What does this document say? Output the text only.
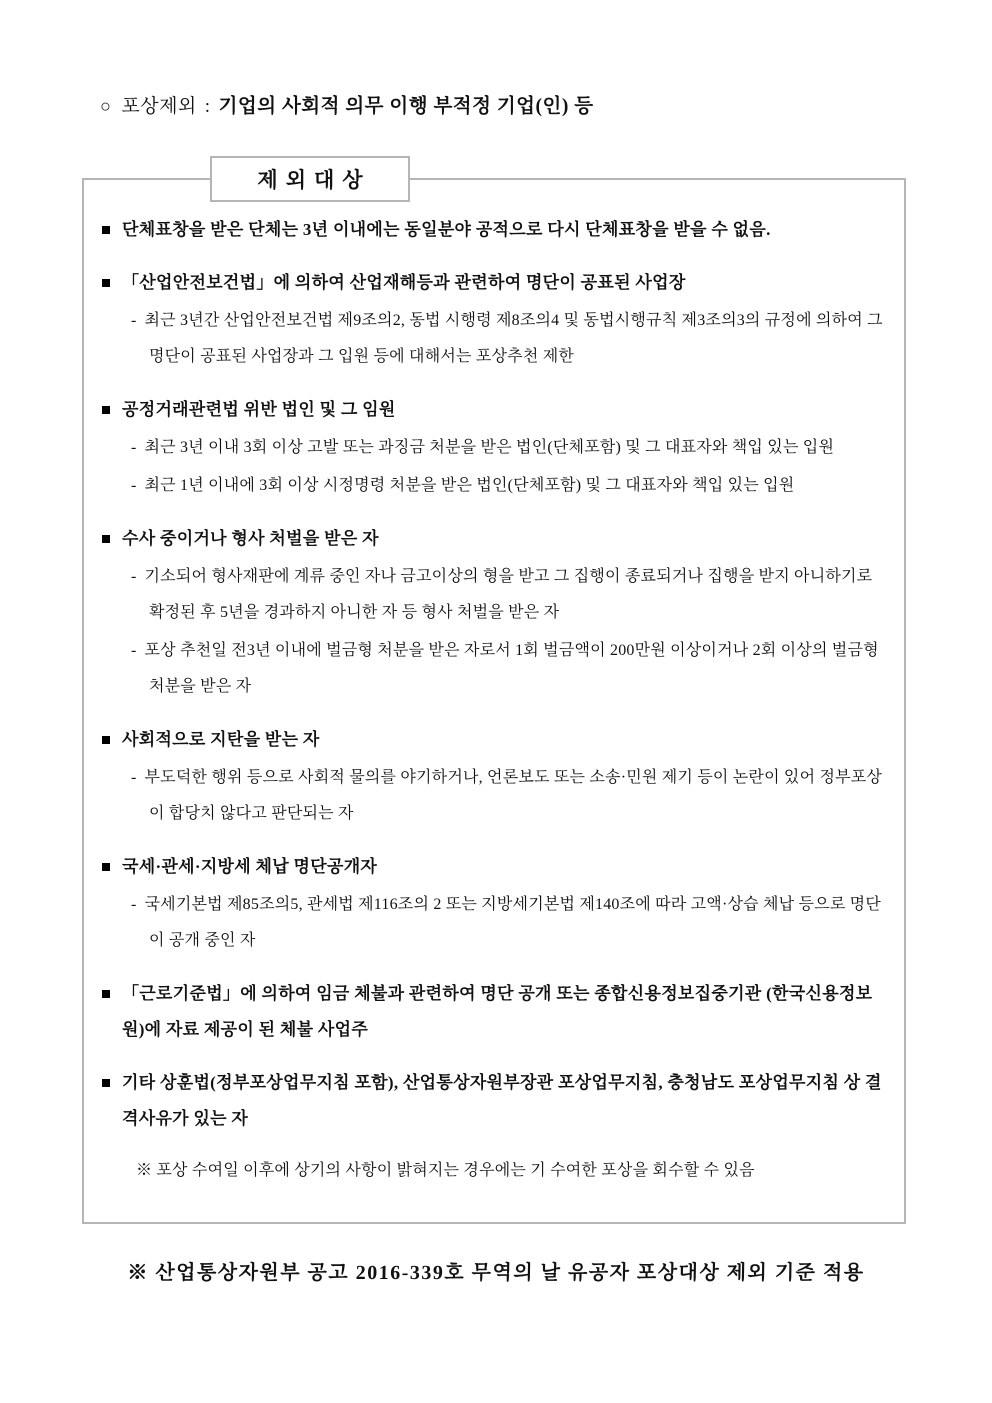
○ 포상제외 : 기업의 사회적 의무 이행 부적정 기업(인) 등
제외대상
단체표창을 받은 단체는 3년 이내에는 동일분야 공적으로 다시 단체표창을 받을 수 없음.
「산업안전보건법」에 의하여 산업재해등과 관련하여 명단이 공표된 사업장
- 최근 3년간 산업안전보건법 제9조의2, 동법 시행령 제8조의4 및 동법시행규칙 제3조의3의 규정에 의하여 그 명단이 공표된 사업장과 그 입원 등에 대해서는 포상추천 제한
공정거래관련법 위반 법인 및 그 임원
- 최근 3년 이내 3회 이상 고발 또는 과징금 처분을 받은 법인(단체포함) 및 그 대표자와 책입 있는 입원
- 최근 1년 이내에 3회 이상 시정명령 처분을 받은 법인(단체포함) 및 그 대표자와 책입 있는 입원
수사 중이거나 형사 처벌을 받은 자
- 기소되어 형사재판에 계류 중인 자나 금고이상의 형을 받고 그 집행이 종료되거나 집행을 받지 아니하기로 확정된 후 5년을 경과하지 아니한 자 등 형사 처벌을 받은 자
- 포상 추천일 전3년 이내에 벌금형 처분을 받은 자로서 1회 벌금액이 200만원 이상이거나 2회 이상의 벌금형 처분을 받은 자
사회적으로 지탄을 받는 자
- 부도덕한 행위 등으로 사회적 물의를 야기하거나, 언론보도 또는 소송·민원 제기 등이 논란이 있어 정부포상이 합당치 않다고 판단되는 자
국세·관세·지방세 체납 명단공개자
- 국세기본법 제85조의5, 관세법 제116조의 2 또는 지방세기본법 제140조에 따라 고액·상습 체납 등으로 명단이 공개 중인 자
「근로기준법」에 의하여 임금 체불과 관련하여 명단 공개 또는 종합신용정보집중기관 (한국신용정보원)에 자료 제공이 된 체불 사업주
기타 상훈법(정부포상업무지침 포함), 산업통상자원부장관 포상업무지침, 충청남도 포상업무지침 상 결격사유가 있는 자
※ 포상 수여일 이후에 상기의 사항이 밝혀지는 경우에는 기 수여한 포상을 회수할 수 있음
※ 산업통상자원부 공고 2016-339호 무역의 날 유공자 포상대상 제외 기준 적용
